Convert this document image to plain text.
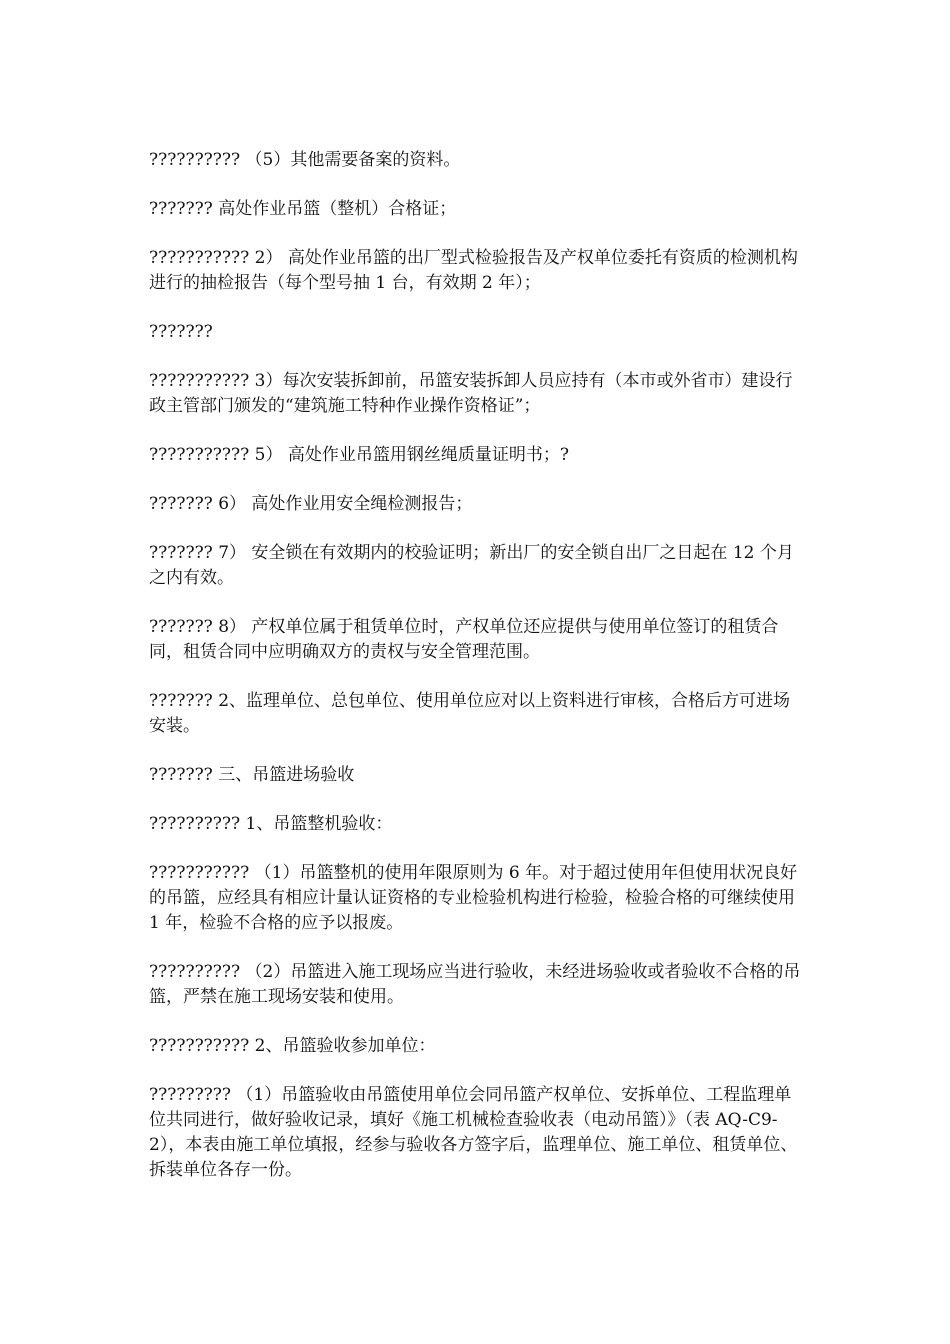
?????????? （5）其他需要备案的资料。

??????? 高处作业吊篮（整机）合格证；

??????????? 2） 高处作业吊篮的出厂型式检验报告及产权单位委托有资质的检测机构进行的抽检报告（每个型号抽 1 台，有效期 2 年）；

???????

??????????? 3）每次安装拆卸前，吊篮安装拆卸人员应持有（本市或外省市）建设行政主管部门颁发的“建筑施工特种作业操作资格证”；

??????????? 5） 高处作业吊篮用钢丝绳质量证明书；?

??????? 6） 高处作业用安全绳检测报告；

??????? 7） 安全锁在有效期内的校验证明；新出厂的安全锁自出厂之日起在 12 个月之内有效。

??????? 8） 产权单位属于租赁单位时，产权单位还应提供与使用单位签订的租赁合同，租赁合同中应明确双方的责权与安全管理范围。

??????? 2、监理单位、总包单位、使用单位应对以上资料进行审核，合格后方可进场安装。

??????? 三、吊篮进场验收

?????????? 1、吊篮整机验收：

??????????? （1）吊篮整机的使用年限原则为 6 年。对于超过使用年但使用状况良好的吊篮，应经具有相应计量认证资格的专业检验机构进行检验，检验合格的可继续使用 1 年，检验不合格的应予以报废。

?????????? （2）吊篮进入施工现场应当进行验收，未经进场验收或者验收不合格的吊篮，严禁在施工现场安装和使用。

??????????? 2、吊篮验收参加单位：

????????? （1）吊篮验收由吊篮使用单位会同吊篮产权单位、安拆单位、工程监理单位共同进行，做好验收记录，填好《施工机械检查验收表（电动吊篮）》（表 AQ-C9-2），本表由施工单位填报，经参与验收各方签字后，监理单位、施工单位、租赁单位、拆装单位各存一份。
